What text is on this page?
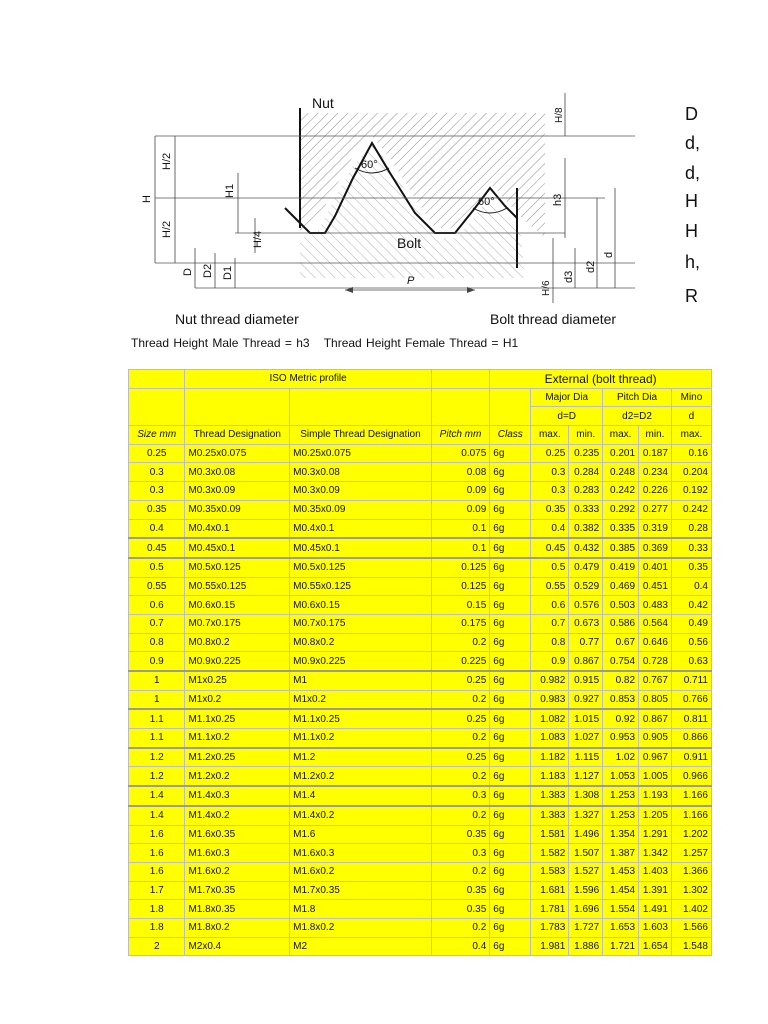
Nut
Bolt
60°
60°
P
H
H/2
H/2
H1
H/4
D D2 D1
H/8
h3
H/6
d3
d2
d
Nut thread diameter	Bolt thread diameter
D
d,
d,
H
H
h,
R
Thread Height Male Thread = h3 Thread Height Female Thread = H1
	ISO Metric profile			External (bolt thread)					
					Major Dia		Pitch Dia		Mino
					d=D		d2=D2		d
Size mm	Thread Designation	Simple Thread Designation	Pitch mm	Class	max.	min.	max.	min.	max.
0.25	M0.25x0.075	M0.25x0.075	0.075	6g	0.25	0.235	0.201	0.187	0.16
0.3	M0.3x0.08	M0.3x0.08	0.08	6g	0.3	0.284	0.248	0.234	0.204
0.3	M0.3x0.09	M0.3x0.09	0.09	6g	0.3	0.283	0.242	0.226	0.192
0.35	M0.35x0.09	M0.35x0.09	0.09	6g	0.35	0.333	0.292	0.277	0.242
0.4	M0.4x0.1	M0.4x0.1	0.1	6g	0.4	0.382	0.335	0.319	0.28
0.45	M0.45x0.1	M0.45x0.1	0.1	6g	0.45	0.432	0.385	0.369	0.33
0.5	M0.5x0.125	M0.5x0.125	0.125	6g	0.5	0.479	0.419	0.401	0.35
0.55	M0.55x0.125	M0.55x0.125	0.125	6g	0.55	0.529	0.469	0.451	0.4
0.6	M0.6x0.15	M0.6x0.15	0.15	6g	0.6	0.576	0.503	0.483	0.42
0.7	M0.7x0.175	M0.7x0.175	0.175	6g	0.7	0.673	0.586	0.564	0.49
0.8	M0.8x0.2	M0.8x0.2	0.2	6g	0.8	0.77	0.67	0.646	0.56
0.9	M0.9x0.225	M0.9x0.225	0.225	6g	0.9	0.867	0.754	0.728	0.63
1	M1x0.25	M1	0.25	6g	0.982	0.915	0.82	0.767	0.711
1	M1x0.2	M1x0.2	0.2	6g	0.983	0.927	0.853	0.805	0.766
1.1	M1.1x0.25	M1.1x0.25	0.25	6g	1.082	1.015	0.92	0.867	0.811
1.1	M1.1x0.2	M1.1x0.2	0.2	6g	1.083	1.027	0.953	0.905	0.866
1.2	M1.2x0.25	M1.2	0.25	6g	1.182	1.115	1.02	0.967	0.911
1.2	M1.2x0.2	M1.2x0.2	0.2	6g	1.183	1.127	1.053	1.005	0.966
1.4	M1.4x0.3	M1.4	0.3	6g	1.383	1.308	1.253	1.193	1.166
1.4	M1.4x0.2	M1.4x0.2	0.2	6g	1.383	1.327	1.253	1.205	1.166
1.6	M1.6x0.35	M1.6	0.35	6g	1.581	1.496	1.354	1.291	1.202
1.6	M1.6x0.3	M1.6x0.3	0.3	6g	1.582	1.507	1.387	1.342	1.257
1.6	M1.6x0.2	M1.6x0.2	0.2	6g	1.583	1.527	1.453	1.403	1.366
1.7	M1.7x0.35	M1.7x0.35	0.35	6g	1.681	1.596	1.454	1.391	1.302
1.8	M1.8x0.35	M1.8	0.35	6g	1.781	1.696	1.554	1.491	1.402
1.8	M1.8x0.2	M1.8x0.2	0.2	6g	1.783	1.727	1.653	1.603	1.566
2	M2x0.4	M2	0.4	6g	1.981	1.886	1.721	1.654	1.548
